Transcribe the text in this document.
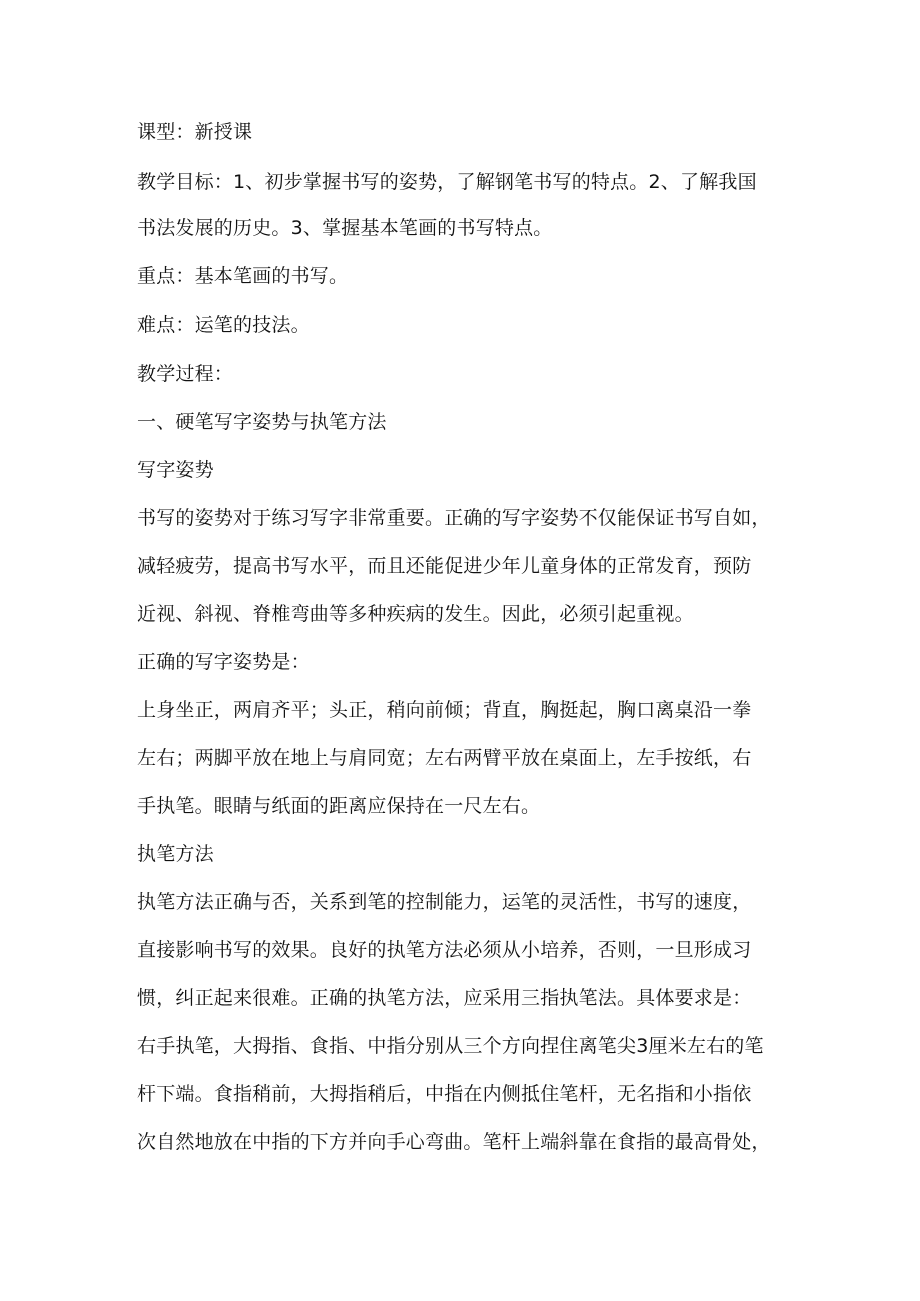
课型：新授课
教学目标：1、初步掌握书写的姿势，了解钢笔书写的特点。2、了解我国
书法发展的历史。3、掌握基本笔画的书写特点。
重点：基本笔画的书写。
难点：运笔的技法。
教学过程：
一、硬笔写字姿势与执笔方法
写字姿势
书写的姿势对于练习写字非常重要。正确的写字姿势不仅能保证书写自如，
减轻疲劳，提高书写水平，而且还能促进少年儿童身体的正常发育，预防
近视、斜视、脊椎弯曲等多种疾病的发生。因此，必须引起重视。
正确的写字姿势是：
上身坐正，两肩齐平；头正，稍向前倾；背直，胸挺起，胸口离桌沿一拳
左右；两脚平放在地上与肩同宽；左右两臂平放在桌面上，左手按纸，右
手执笔。眼睛与纸面的距离应保持在一尺左右。
执笔方法
执笔方法正确与否，关系到笔的控制能力，运笔的灵活性，书写的速度，
直接影响书写的效果。良好的执笔方法必须从小培养，否则，一旦形成习
惯，纠正起来很难。正确的执笔方法，应采用三指执笔法。具体要求是：
右手执笔，大拇指、食指、中指分别从三个方向捏住离笔尖3厘米左右的笔
杆下端。食指稍前，大拇指稍后，中指在内侧抵住笔杆，无名指和小指依
次自然地放在中指的下方并向手心弯曲。笔杆上端斜靠在食指的最高骨处，
